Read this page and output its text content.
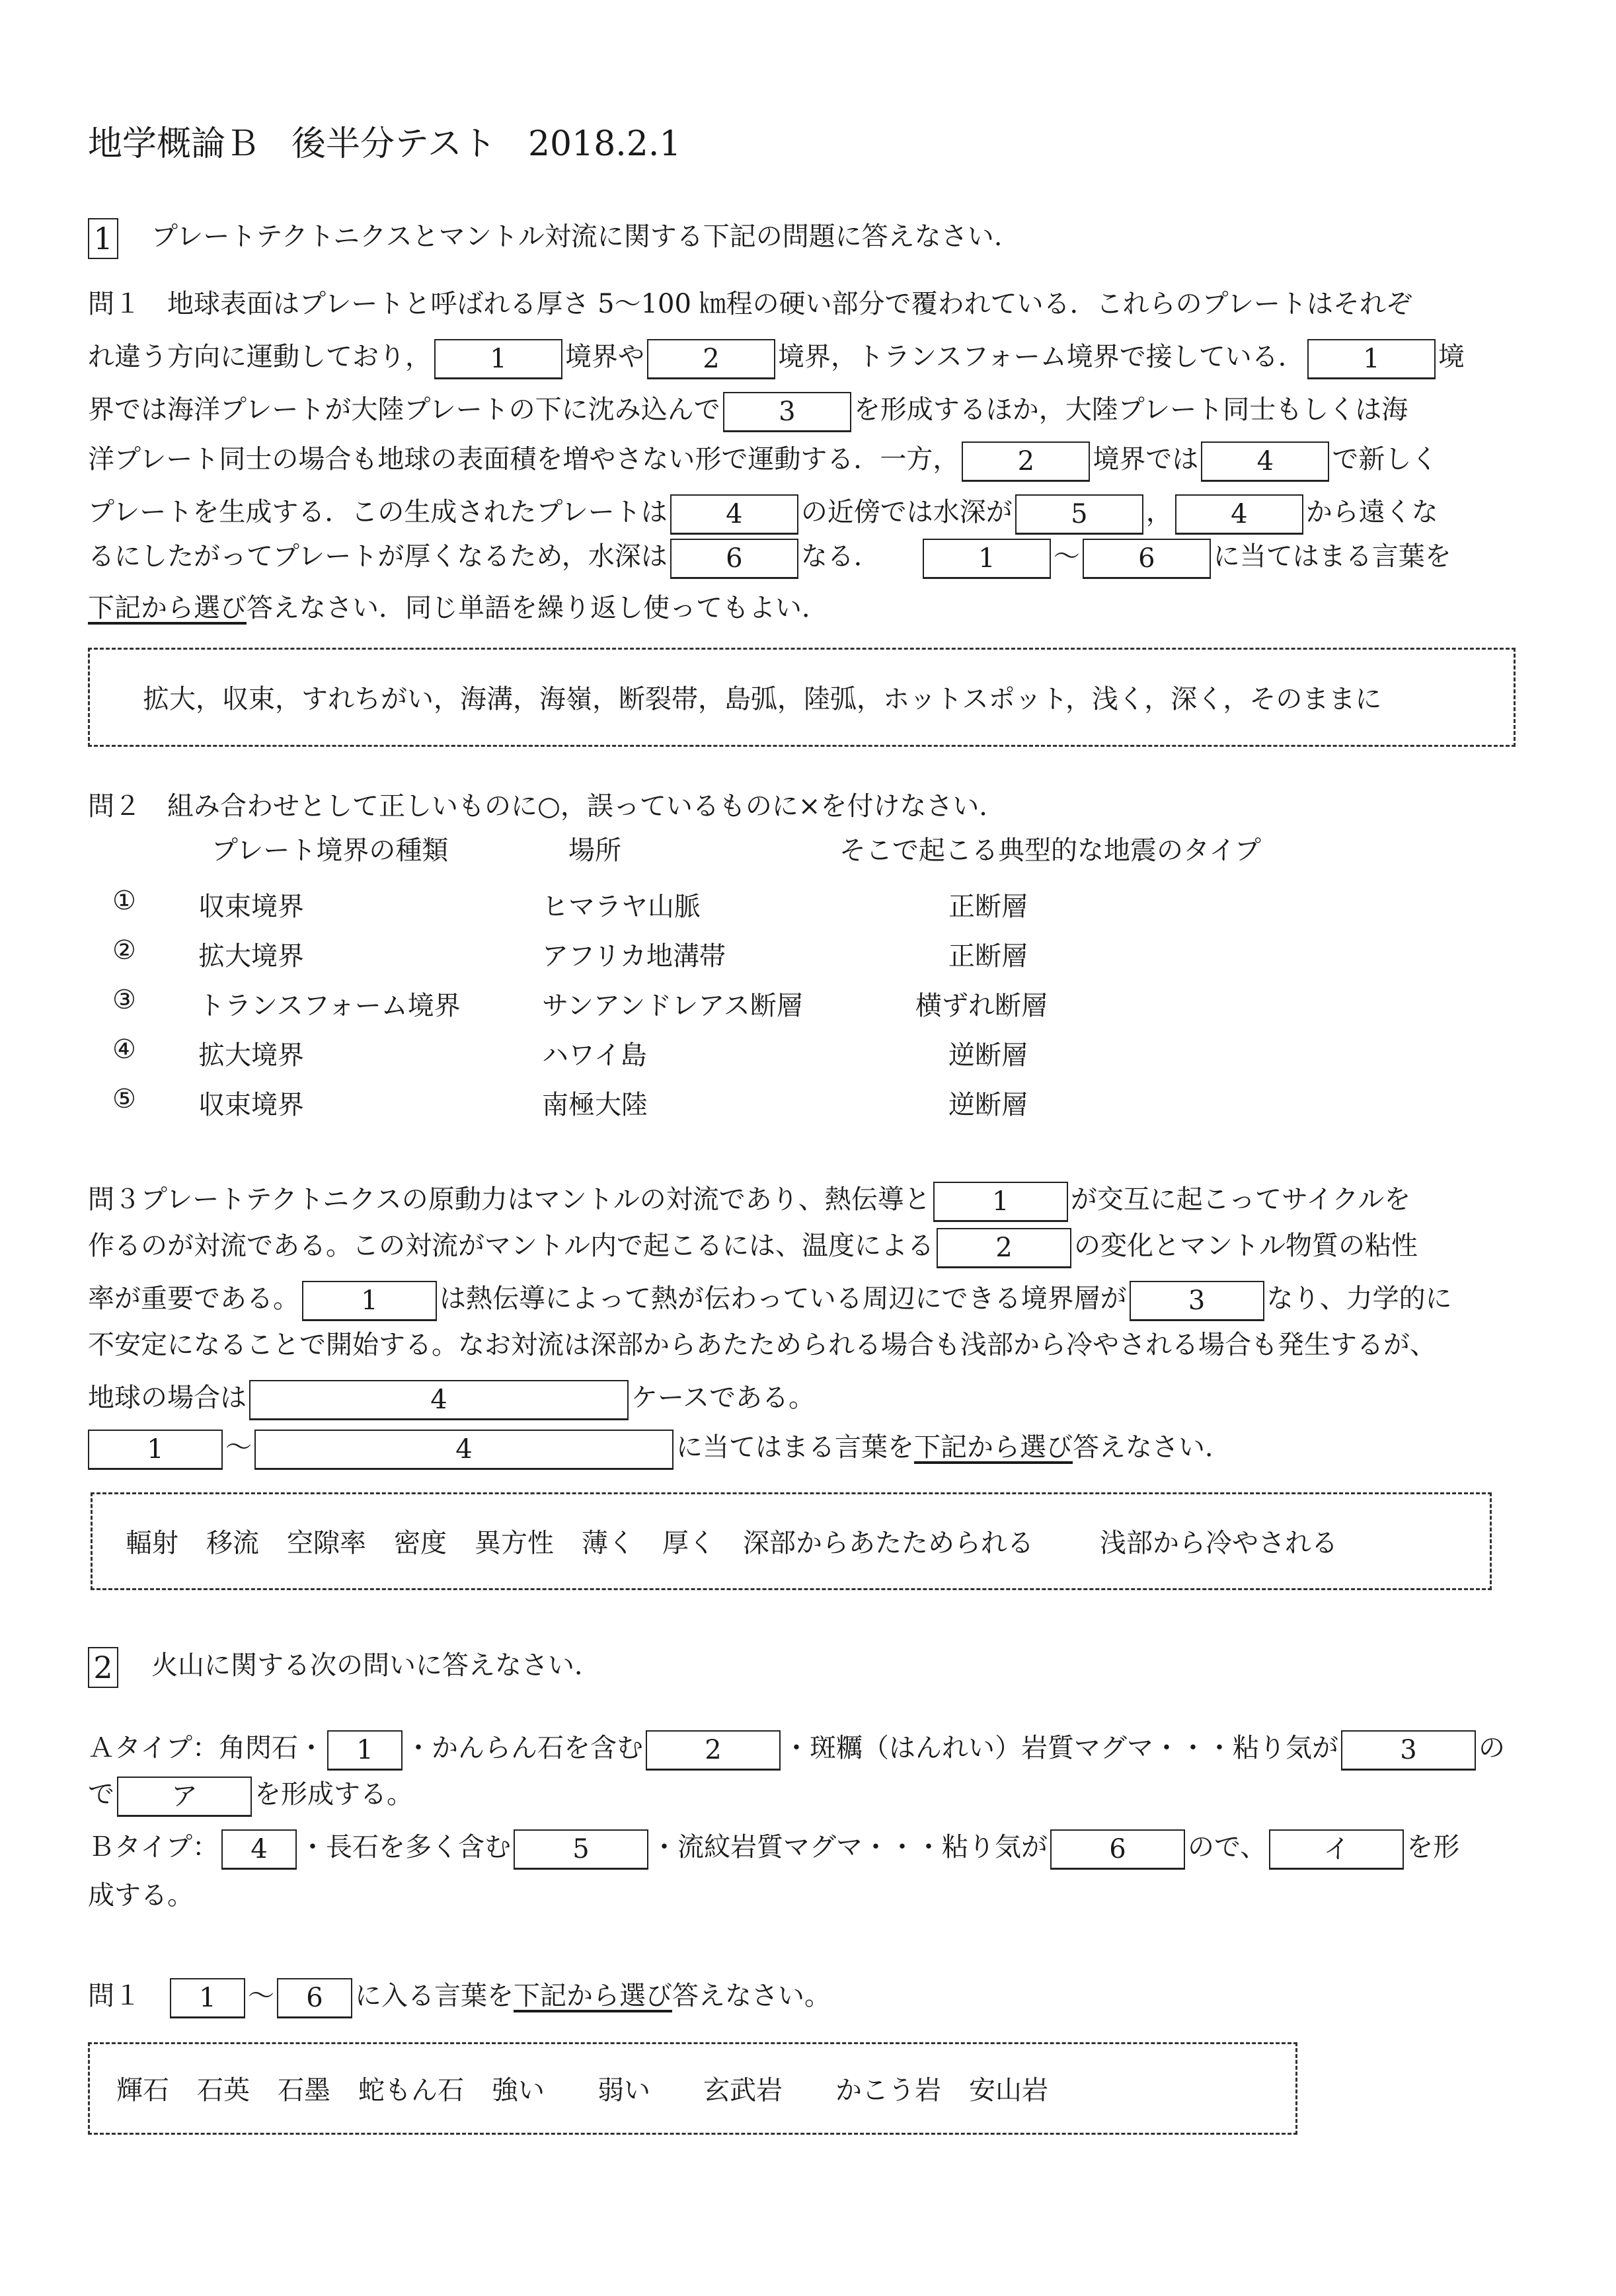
地学概論Ｂ 後半分テスト 2018.2.1
1 プレートテクトニクスとマントル対流に関する下記の問題に答えなさい.
問１　地球表面はプレートと呼ばれる厚さ 5〜100 ㎞程の硬い部分で覆われている．これらのプレートはそれぞ
れ違う方向に運動しており， 1 境界や 2 境界，トランスフォーム境界で接している． 1 境
界では海洋プレートが大陸プレートの下に沈み込んで 3 を形成するほか，大陸プレート同士もしくは海
洋プレート同士の場合も地球の表面積を増やさない形で運動する．一方， 2 境界では 4 で新しく
プレートを生成する．この生成されたプレートは 4 の近傍では水深が 5 ， 4 から遠くな
るにしたがってプレートが厚くなるため，水深は 6 なる．	1 〜 6 に当てはまる言葉を
下記から選び答えなさい．同じ単語を繰り返し使ってもよい．
拡大，収束，すれちがい，海溝，海嶺，断裂帯，島弧，陸弧，ホットスポット，浅く，深く，そのままに
問２　組み合わせとして正しいものに○，誤っているものに×を付けなさい．
プレート境界の種類	場所	そこで起こる典型的な地震のタイプ
① 収束境界	ヒマラヤ山脈	正断層
② 拡大境界	アフリカ地溝帯	正断層
③ トランスフォーム境界	サンアンドレアス断層	横ずれ断層
④ 拡大境界	ハワイ島	逆断層
⑤ 収束境界	南極大陸	逆断層
問３プレートテクトニクスの原動力はマントルの対流であり、熱伝導と 1 が交互に起こってサイクルを
作るのが対流である。この対流がマントル内で起こるには、温度による 2 の変化とマントル物質の粘性
率が重要である。 1 は熱伝導によって熱が伝わっている周辺にできる境界層が 3 なり、力学的に
不安定になることで開始する。なお対流は深部からあたためられる場合も浅部から冷やされる場合も発生するが、
地球の場合は	4	ケースである。
1 〜	4	に当てはまる言葉を下記から選び答えなさい．
輻射 移流 空隙率 密度 異方性 薄く 厚く 深部からあたためられる	浅部から冷やされる
2 火山に関する次の問いに答えなさい．
Ａタイプ：角閃石・ 1 ・かんらん石を含む 2 ・斑糲（はんれい）岩質マグマ・・・粘り気が 3 の
で ア を形成する。
Ｂタイプ： 4 ・長石を多く含む 5 ・流紋岩質マグマ・・・粘り気が 6 ので、 イ を形
成する。
問１ 1 〜 6 に入る言葉を下記から選び答えなさい。
輝石 石英 石墨 蛇もん石 強い 弱い 玄武岩 かこう岩 安山岩
